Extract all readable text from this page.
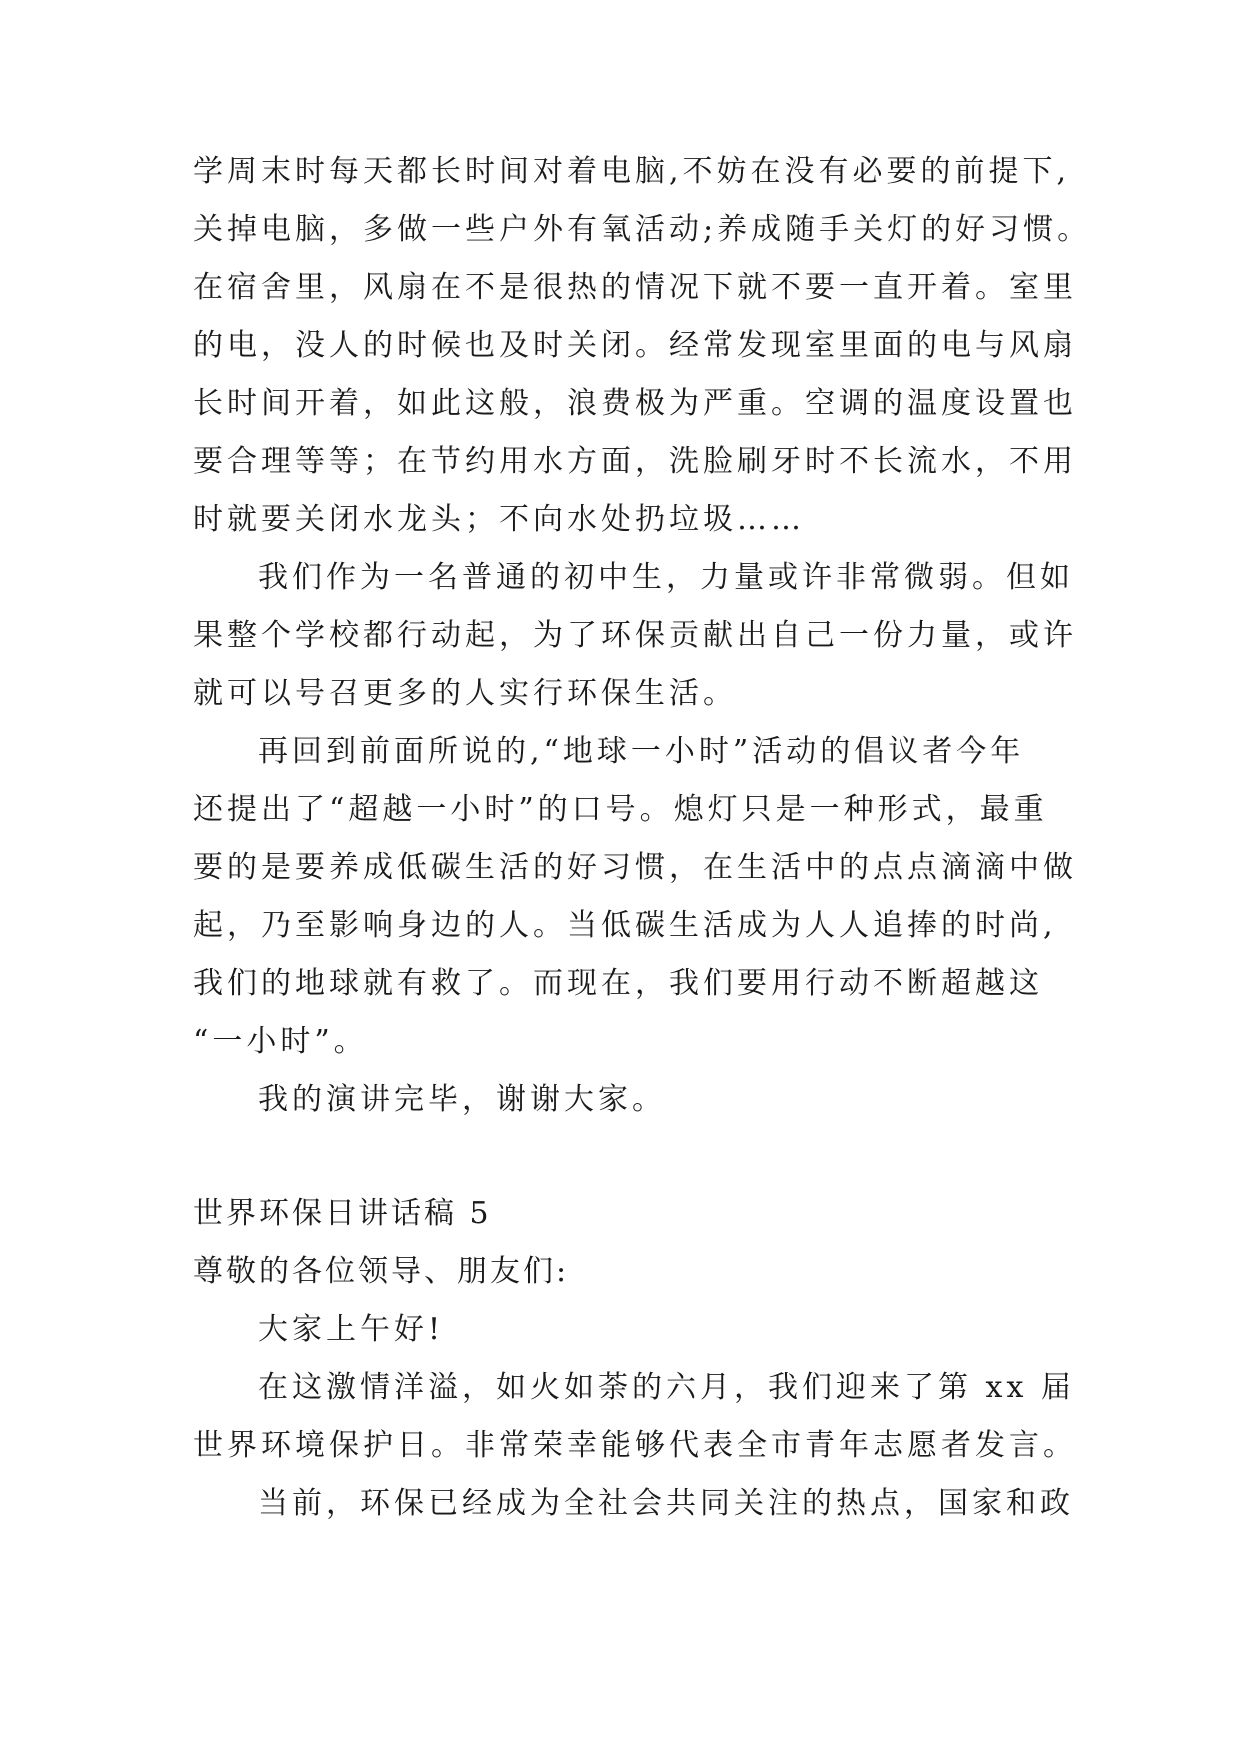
学周末时每天都长时间对着电脑,不妨在没有必要的前提下,
关掉电脑，多做一些户外有氧活动;养成随手关灯的好习惯。
在宿舍里，风扇在不是很热的情况下就不要一直开着。室里
的电，没人的时候也及时关闭。经常发现室里面的电与风扇
长时间开着，如此这般，浪费极为严重。空调的温度设置也
要合理等等；在节约用水方面，洗脸刷牙时不长流水，不用
时就要关闭水龙头；不向水处扔垃圾……
我们作为一名普通的初中生，力量或许非常微弱。但如
果整个学校都行动起，为了环保贡献出自己一份力量，或许
就可以号召更多的人实行环保生活。
再回到前面所说的,“地球一小时”活动的倡议者今年
还提出了“超越一小时”的口号。熄灯只是一种形式，最重
要的是要养成低碳生活的好习惯，在生活中的点点滴滴中做
起，乃至影响身边的人。当低碳生活成为人人追捧的时尚,
我们的地球就有救了。而现在，我们要用行动不断超越这
“一小时”。
我的演讲完毕，谢谢大家。
世界环保日讲话稿 5
尊敬的各位领导、朋友们:
大家上午好!
在这激情洋溢，如火如荼的六月，我们迎来了第 xx 届
世界环境保护日。非常荣幸能够代表全市青年志愿者发言。
当前，环保已经成为全社会共同关注的热点，国家和政
